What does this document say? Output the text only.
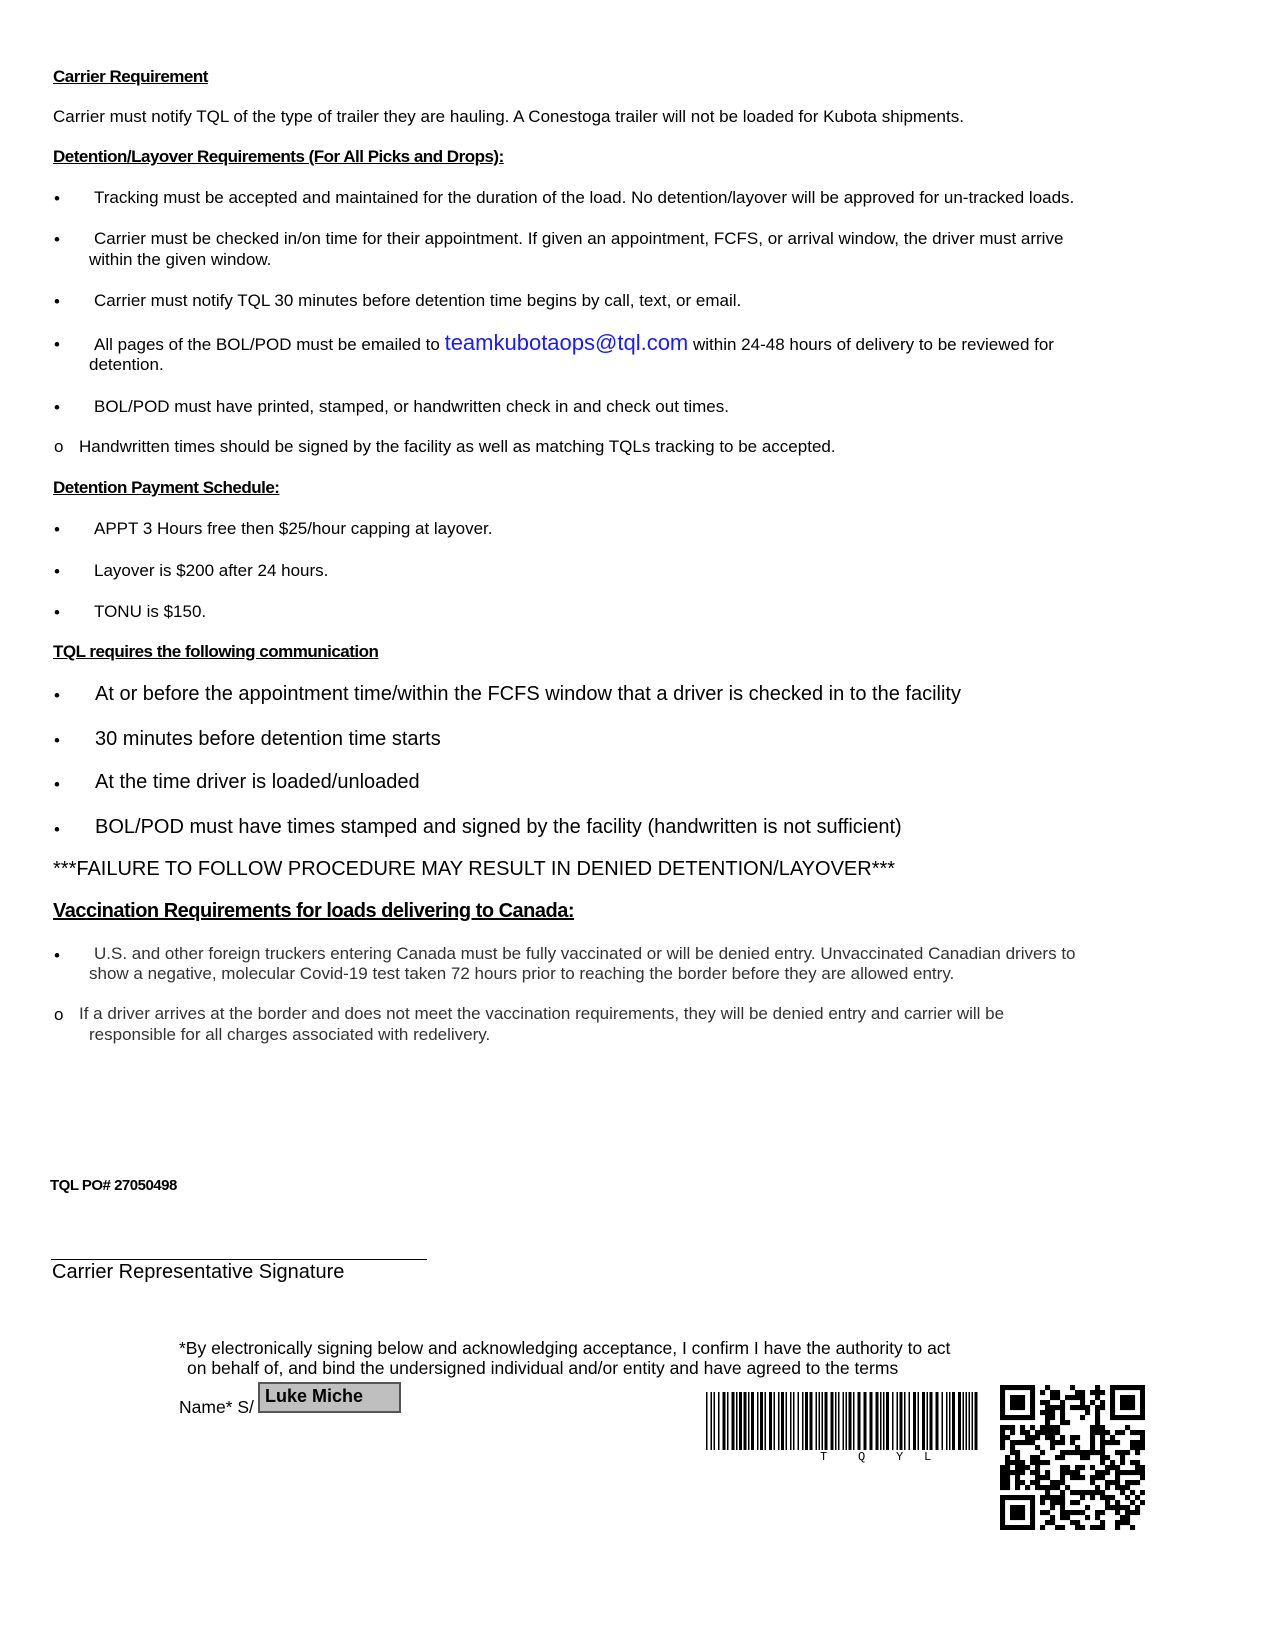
Carrier Requirement
Carrier must notify TQL of the type of trailer they are hauling. A Conestoga trailer will not be loaded for Kubota shipments.
Detention/Layover Requirements (For All Picks and Drops):
• Tracking must be accepted and maintained for the duration of the load. No detention/layover will be approved for un-tracked loads.
• Carrier must be checked in/on time for their appointment. If given an appointment, FCFS, or arrival window, the driver must arrive
within the given window.
• Carrier must notify TQL 30 minutes before detention time begins by call, text, or email.
• All pages of the BOL/POD must be emailed to teamkubotaops@tql.com within 24-48 hours of delivery to be reviewed for
detention.
• BOL/POD must have printed, stamped, or handwritten check in and check out times.
o Handwritten times should be signed by the facility as well as matching TQLs tracking to be accepted.
Detention Payment Schedule:
• APPT 3 Hours free then $25/hour capping at layover.
• Layover is $200 after 24 hours.
• TONU is $150.
TQL requires the following communication
• At or before the appointment time/within the FCFS window that a driver is checked in to the facility
• 30 minutes before detention time starts
• At the time driver is loaded/unloaded
• BOL/POD must have times stamped and signed by the facility (handwritten is not sufficient)
***FAILURE TO FOLLOW PROCEDURE MAY RESULT IN DENIED DETENTION/LAYOVER***
Vaccination Requirements for loads delivering to Canada:
• U.S. and other foreign truckers entering Canada must be fully vaccinated or will be denied entry. Unvaccinated Canadian drivers to
show a negative, molecular Covid-19 test taken 72 hours prior to reaching the border before they are allowed entry.
o If a driver arrives at the border and does not meet the vaccination requirements, they will be denied entry and carrier will be
responsible for all charges associated with redelivery.
TQL PO# 27050498
Carrier Representative Signature
*By electronically signing below and acknowledging acceptance, I confirm I have the authority to act
on behalf of, and bind the undersigned individual and/or entity and have agreed to the terms
Name* S/
Luke Miche
T	Q	Y L
